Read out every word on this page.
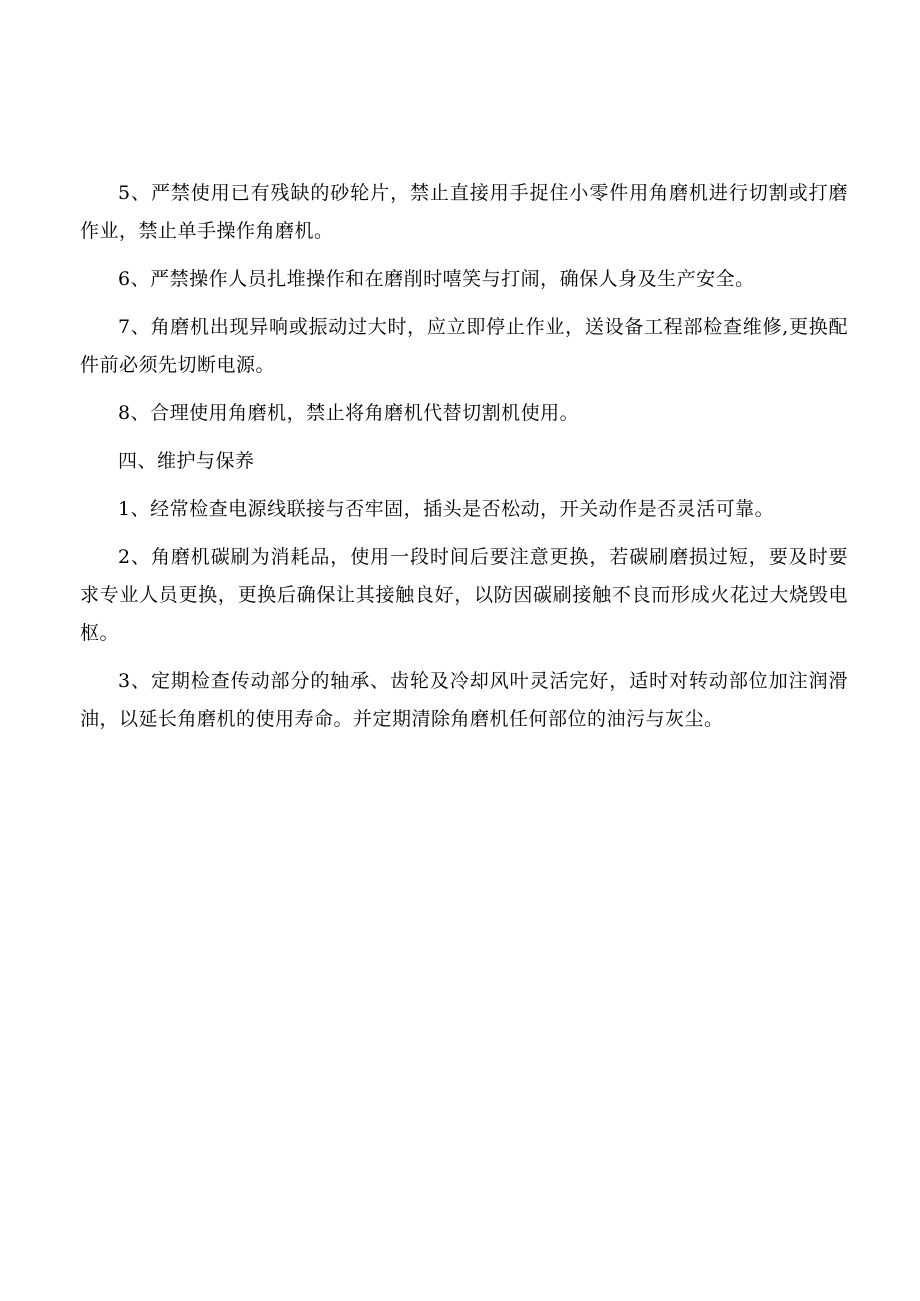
5、严禁使用已有残缺的砂轮片，禁止直接用手捉住小零件用角磨机进行切割或打磨作业，禁止单手操作角磨机。

6、严禁操作人员扎堆操作和在磨削时嘻笑与打闹，确保人身及生产安全。

7、角磨机出现异响或振动过大时，应立即停止作业，送设备工程部检查维修,更换配件前必须先切断电源。

8、合理使用角磨机，禁止将角磨机代替切割机使用。

四、维护与保养

1、经常检查电源线联接与否牢固，插头是否松动，开关动作是否灵活可靠。

2、角磨机碳刷为消耗品，使用一段时间后要注意更换，若碳刷磨损过短，要及时要求专业人员更换，更换后确保让其接触良好，以防因碳刷接触不良而形成火花过大烧毁电枢。

3、定期检查传动部分的轴承、齿轮及冷却风叶灵活完好，适时对转动部位加注润滑油，以延长角磨机的使用寿命。并定期清除角磨机任何部位的油污与灰尘。
